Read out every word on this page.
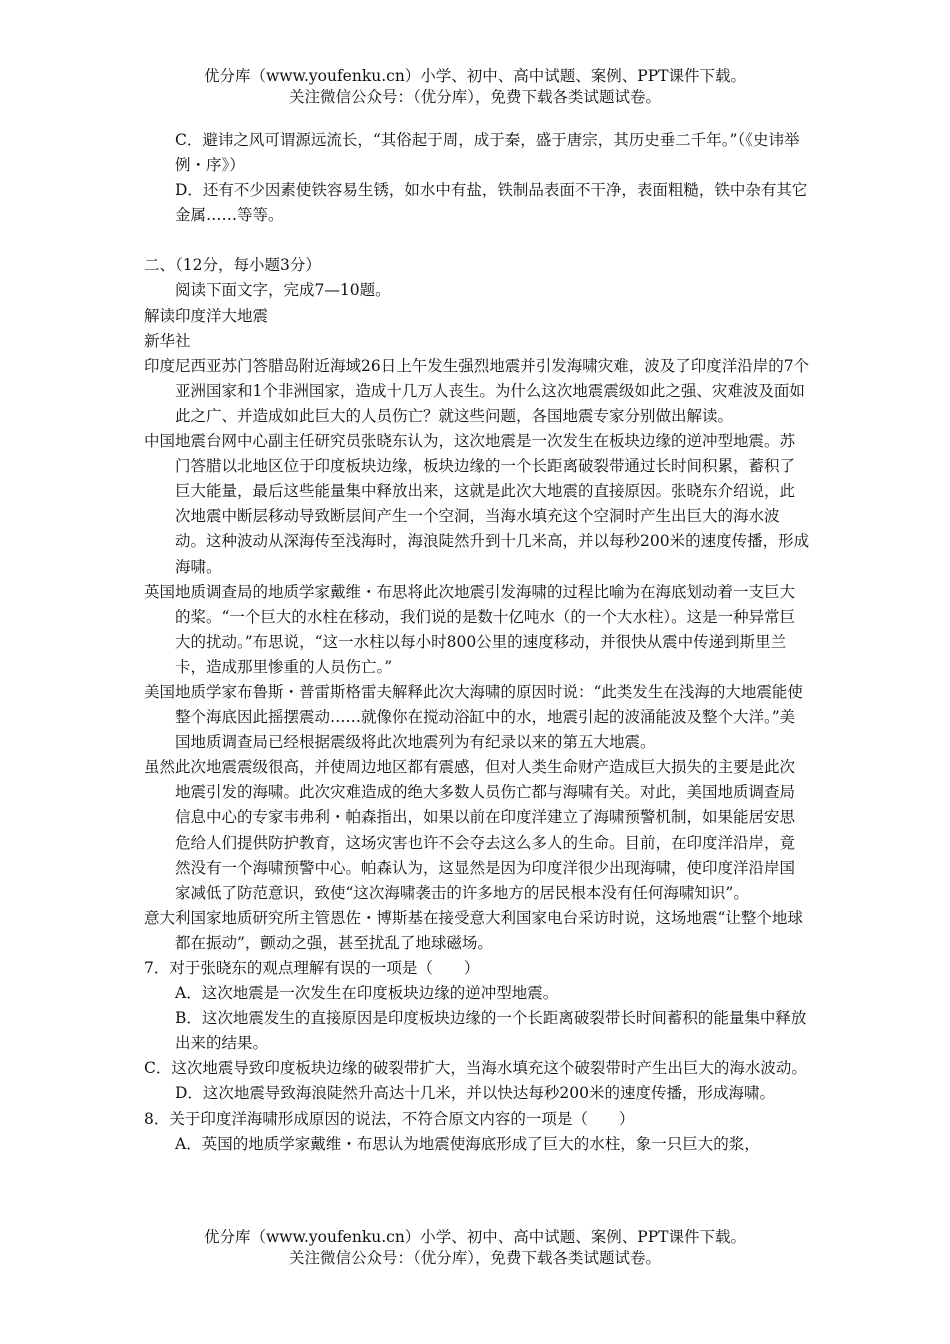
优分库（www.youfenku.cn）小学、初中、高中试题、案例、PPT课件下载。
关注微信公众号：（优分库），免费下载各类试题试卷。

C．避讳之风可谓源远流长，“其俗起于周，成于秦，盛于唐宗，其历史垂二千年。”（《史讳举例・序》）

D．还有不少因素使铁容易生锈，如水中有盐，铁制品表面不干净，表面粗糙，铁中杂有其它金属……等等。

二、（12分，每小题3分）

阅读下面文字，完成7—10题。

解读印度洋大地震

新华社

印度尼西亚苏门答腊岛附近海域26日上午发生强烈地震并引发海啸灾难，波及了印度洋沿岸的7个亚洲国家和1个非洲国家，造成十几万人丧生。为什么这次地震震级如此之强、灾难波及面如此之广、并造成如此巨大的人员伤亡？就这些问题，各国地震专家分别做出解读。

中国地震台网中心副主任研究员张晓东认为，这次地震是一次发生在板块边缘的逆冲型地震。苏门答腊以北地区位于印度板块边缘，板块边缘的一个长距离破裂带通过长时间积累，蓄积了巨大能量，最后这些能量集中释放出来，这就是此次大地震的直接原因。张晓东介绍说，此次地震中断层移动导致断层间产生一个空洞，当海水填充这个空洞时产生出巨大的海水波动。这种波动从深海传至浅海时，海浪陡然升到十几米高，并以每秒200米的速度传播，形成海啸。

英国地质调查局的地质学家戴维・布思将此次地震引发海啸的过程比喻为在海底划动着一支巨大的桨。“一个巨大的水柱在移动，我们说的是数十亿吨水（的一个大水柱）。这是一种异常巨大的扰动。”布思说，“这一水柱以每小时800公里的速度移动，并很快从震中传递到斯里兰卡，造成那里惨重的人员伤亡。”

美国地质学家布鲁斯・普雷斯格雷夫解释此次大海啸的原因时说：“此类发生在浅海的大地震能使整个海底因此摇摆震动……就像你在搅动浴缸中的水，地震引起的波涌能波及整个大洋。”美国地质调查局已经根据震级将此次地震列为有纪录以来的第五大地震。

虽然此次地震震级很高，并使周边地区都有震感，但对人类生命财产造成巨大损失的主要是此次地震引发的海啸。此次灾难造成的绝大多数人员伤亡都与海啸有关。对此，美国地质调查局信息中心的专家韦弗利・帕森指出，如果以前在印度洋建立了海啸预警机制，如果能居安思危给人们提供防护教育，这场灾害也许不会夺去这么多人的生命。目前，在印度洋沿岸，竟然没有一个海啸预警中心。帕森认为，这显然是因为印度洋很少出现海啸，使印度洋沿岸国家减低了防范意识，致使“这次海啸袭击的许多地方的居民根本没有任何海啸知识”。

意大利国家地质研究所主管恩佐・博斯基在接受意大利国家电台采访时说，这场地震“让整个地球都在振动”，颤动之强，甚至扰乱了地球磁场。

7．对于张晓东的观点理解有误的一项是（　　）

A．这次地震是一次发生在印度板块边缘的逆冲型地震。

B．这次地震发生的直接原因是印度板块边缘的一个长距离破裂带长时间蓄积的能量集中释放出来的结果。

C．这次地震导致印度板块边缘的破裂带扩大，当海水填充这个破裂带时产生出巨大的海水波动。

D．这次地震导致海浪陡然升高达十几米，并以快达每秒200米的速度传播，形成海啸。

8．关于印度洋海啸形成原因的说法，不符合原文内容的一项是（　　）

A．英国的地质学家戴维・布思认为地震使海底形成了巨大的水柱，象一只巨大的浆，

优分库（www.youfenku.cn）小学、初中、高中试题、案例、PPT课件下载。
关注微信公众号：（优分库），免费下载各类试题试卷。
